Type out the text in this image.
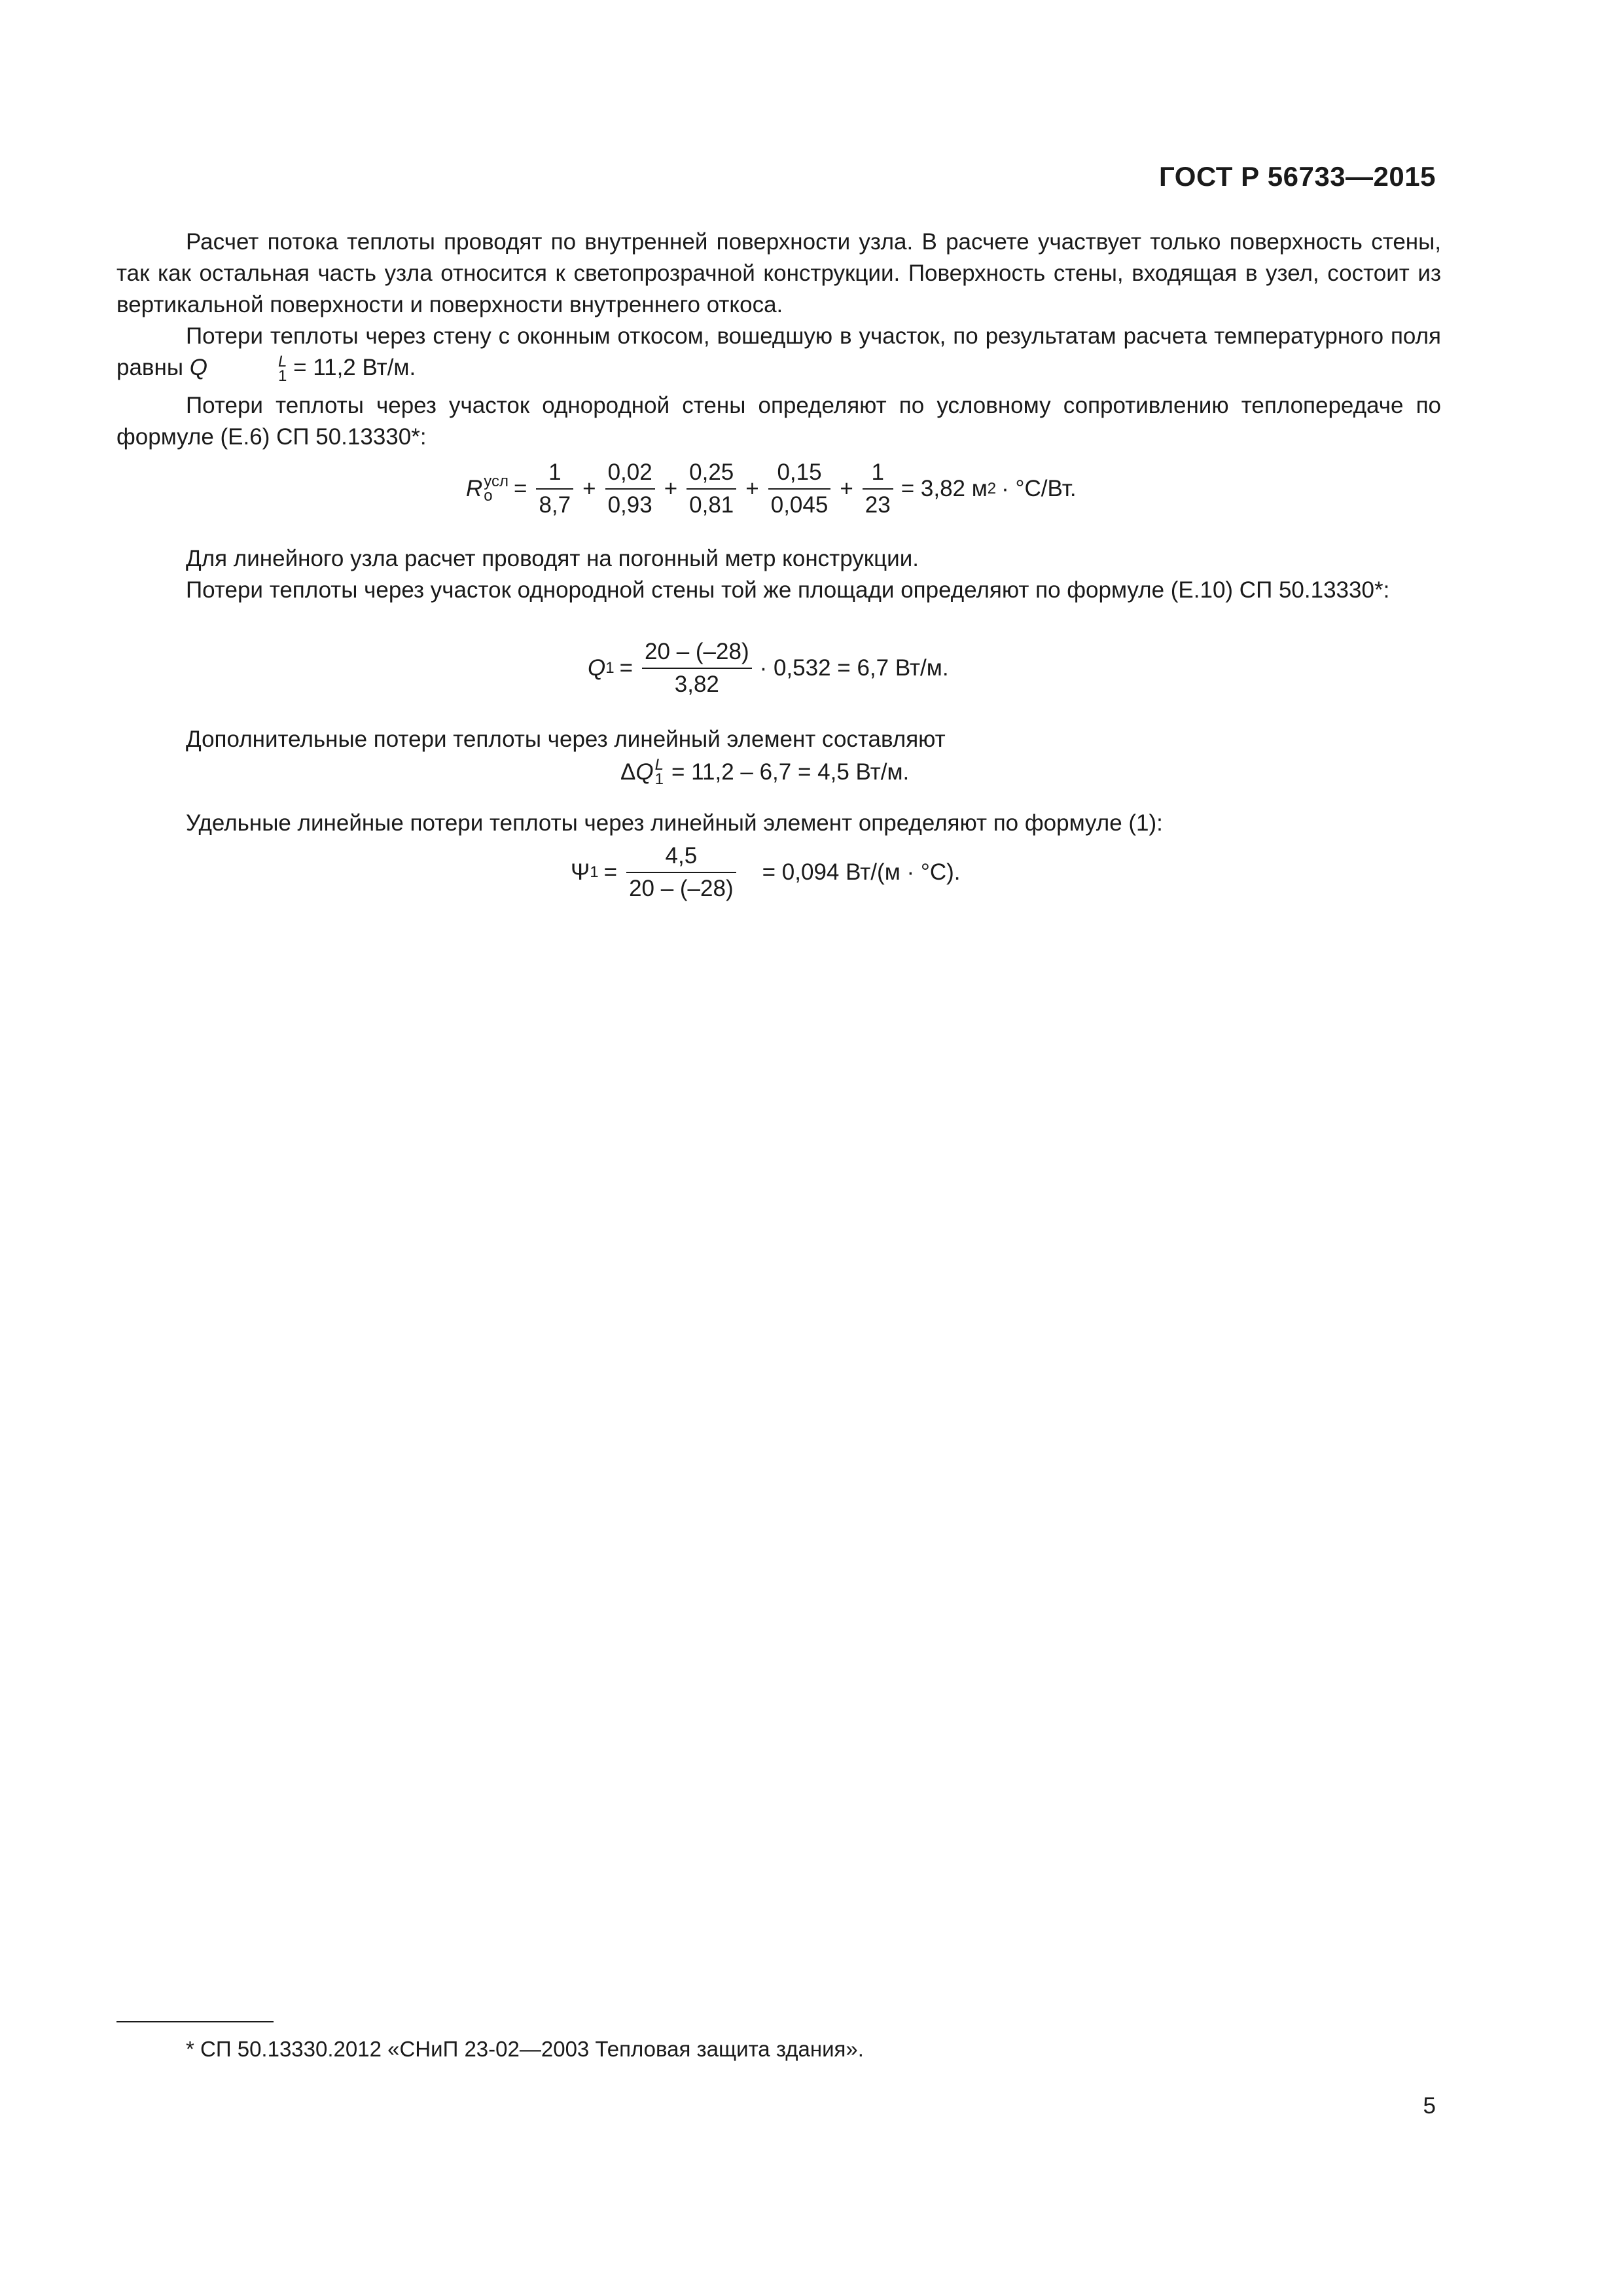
ГОСТ Р 56733—2015

Расчет потока теплоты проводят по внутренней поверхности узла. В расчете участвует только поверхность стены, так как остальная часть узла относится к светопрозрачной конструкции. Поверхность стены, входящая в узел, состоит из вертикальной поверхности и поверхности внутреннего откоса.

Потери теплоты через стену с оконным откосом, вошедшую в участок, по результатам расчета температурного поля равны Q	L
1 = 11,2 Вт/м.

Потери теплоты через участок однородной стены определяют по условному сопротивлению теплопередаче по формуле (Е.6) СП 50.13330*:

R усл
$о = \frac{1}{8,7} + \frac{0,02}{0,93} + \frac{0,25}{0,81} + \frac{0,15}{0,045} + \frac{1}{23} = 3,82$ м 2 · °С/Вт.

Для линейного узла расчет проводят на погонный метр конструкции.

Потери теплоты через участок однородной стены той же площади определяют по формуле (Е.10) СП 50.13330*:

Q $1 = \frac{20 - (-28)}{3,82} \cdot 0,532 = 6,7$ Вт/м.

Дополнительные потери теплоты через линейный элемент составляют

Δ Q L
1 = 11,2 – 6,7 = 4,5 Вт/м.

Удельные линейные потери теплоты через линейный элемент определяют по формуле (1):

Ψ $1 = \frac{4,5}{20 - (-28)} = 0,094$ Вт/(м · °С).
* СП 50.13330.2012 «СНиП 23-02—2003 Тепловая защита здания».
5
